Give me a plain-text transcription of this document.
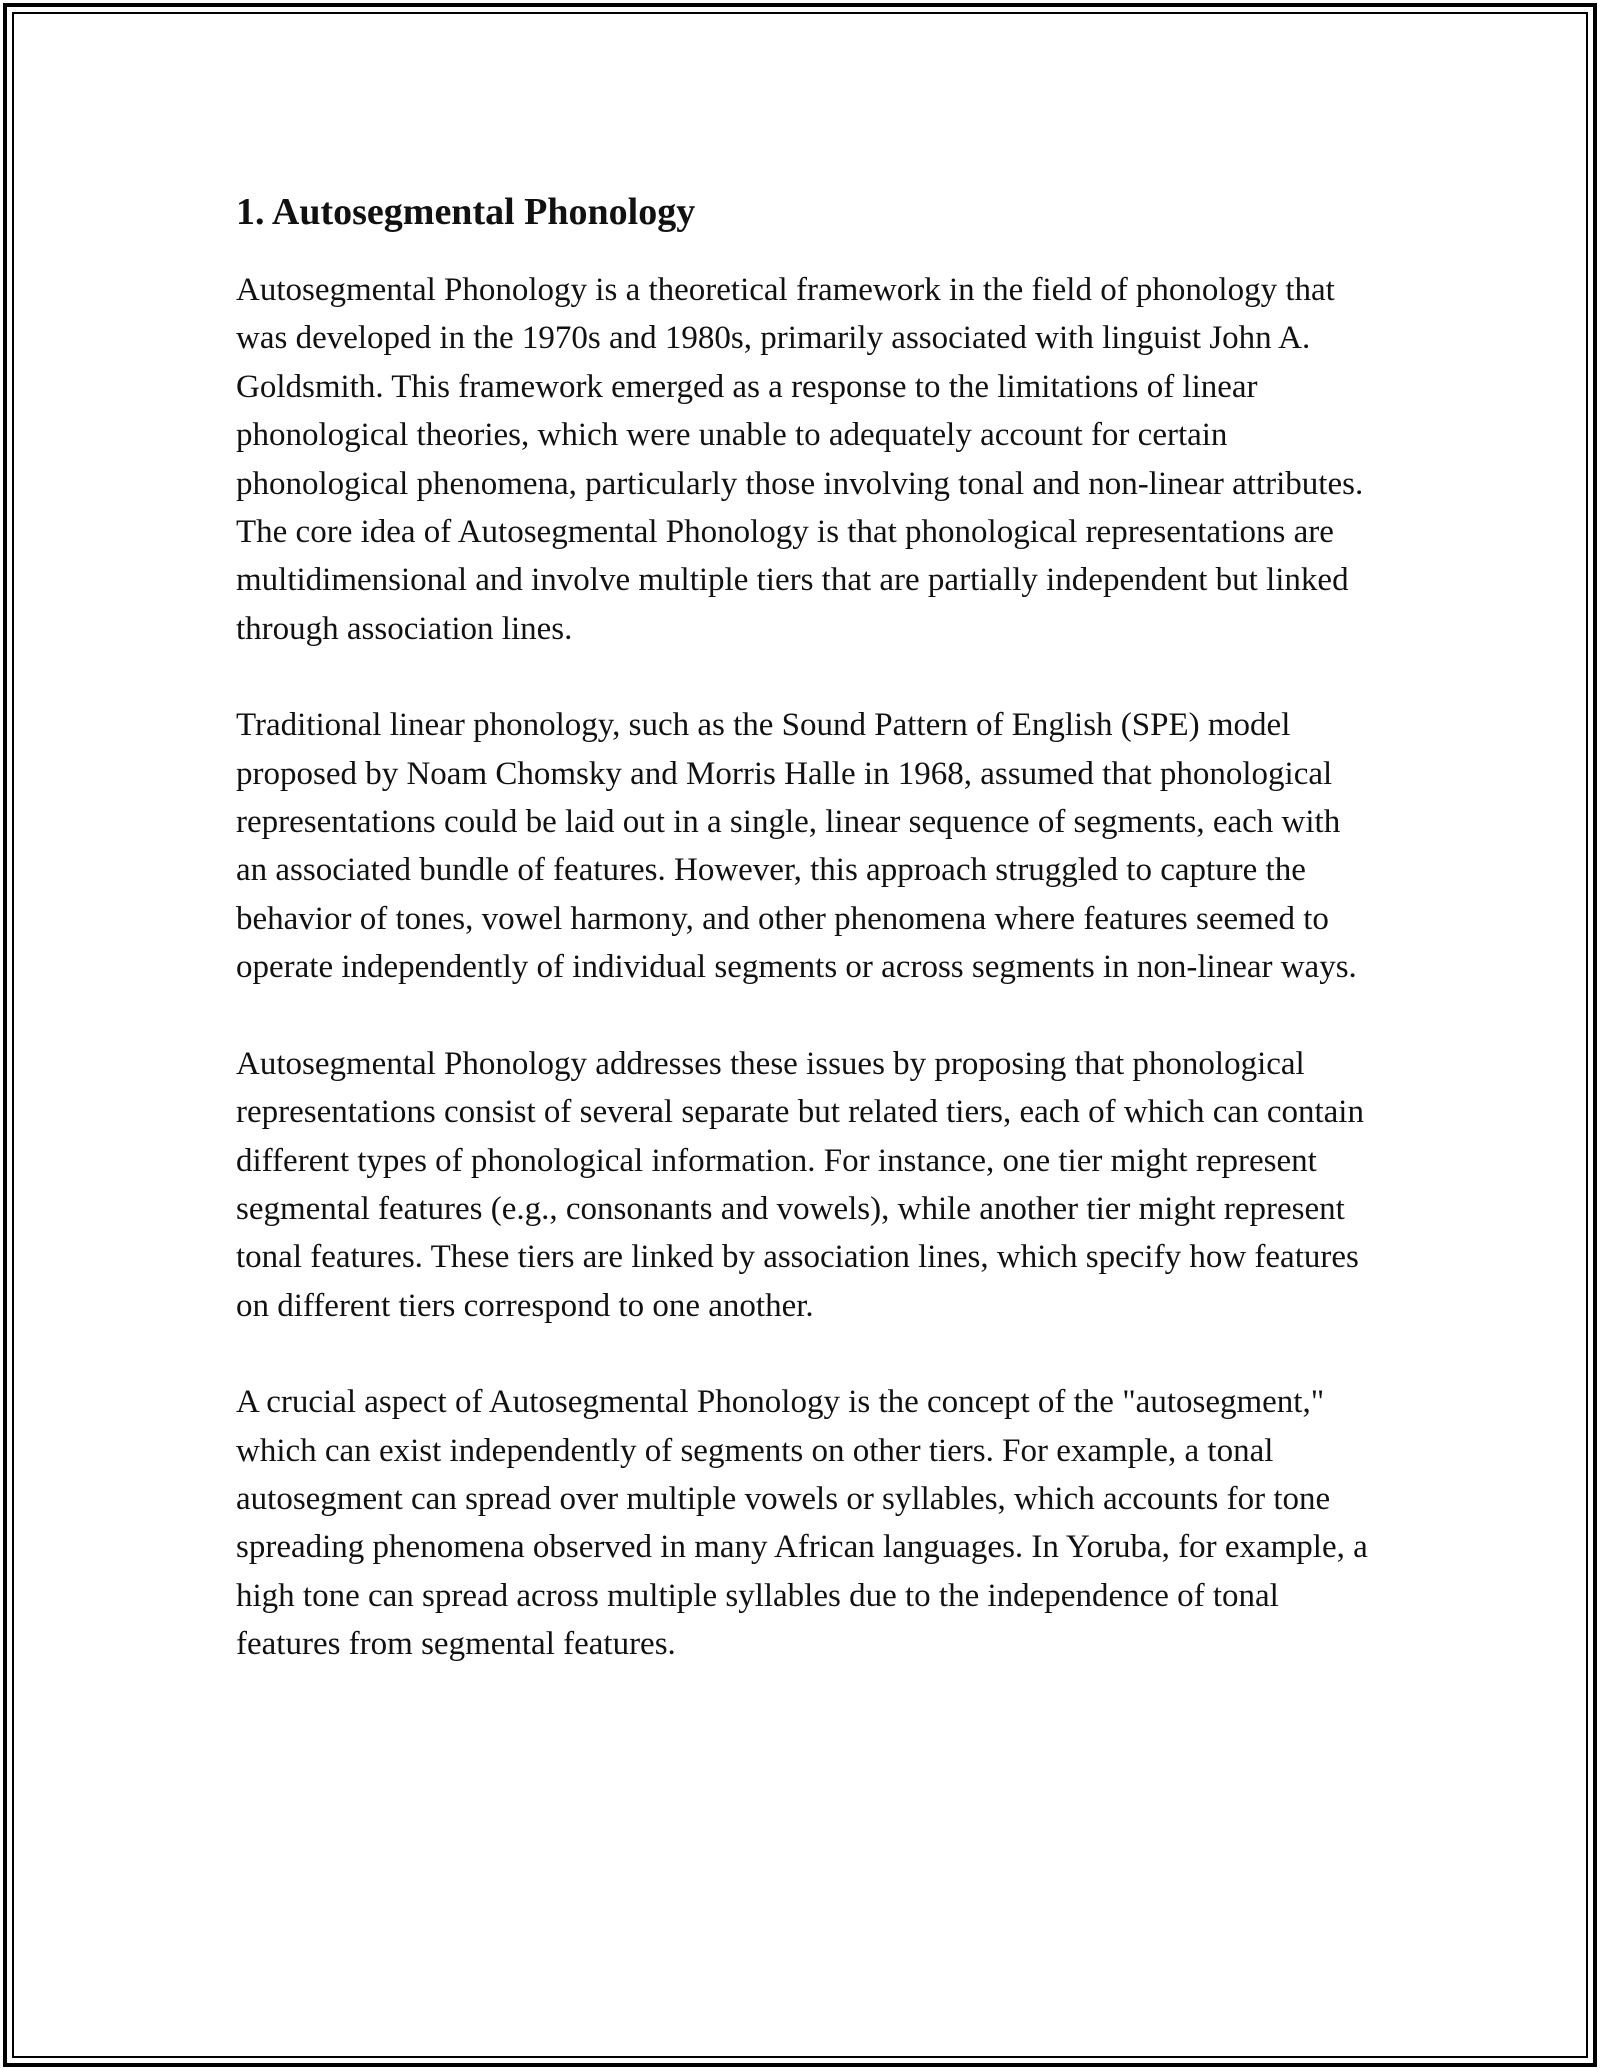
1. Autosegmental Phonology

Autosegmental Phonology is a theoretical framework in the field of phonology that was developed in the 1970s and 1980s, primarily associated with linguist John A. Goldsmith. This framework emerged as a response to the limitations of linear phonological theories, which were unable to adequately account for certain phonological phenomena, particularly those involving tonal and non-linear attributes. The core idea of Autosegmental Phonology is that phonological representations are multidimensional and involve multiple tiers that are partially independent but linked through association lines.

Traditional linear phonology, such as the Sound Pattern of English (SPE) model proposed by Noam Chomsky and Morris Halle in 1968, assumed that phonological representations could be laid out in a single, linear sequence of segments, each with an associated bundle of features. However, this approach struggled to capture the behavior of tones, vowel harmony, and other phenomena where features seemed to operate independently of individual segments or across segments in non-linear ways.

Autosegmental Phonology addresses these issues by proposing that phonological representations consist of several separate but related tiers, each of which can contain different types of phonological information. For instance, one tier might represent segmental features (e.g., consonants and vowels), while another tier might represent tonal features. These tiers are linked by association lines, which specify how features on different tiers correspond to one another.

A crucial aspect of Autosegmental Phonology is the concept of the "autosegment," which can exist independently of segments on other tiers. For example, a tonal autosegment can spread over multiple vowels or syllables, which accounts for tone spreading phenomena observed in many African languages. In Yoruba, for example, a high tone can spread across multiple syllables due to the independence of tonal features from segmental features.
